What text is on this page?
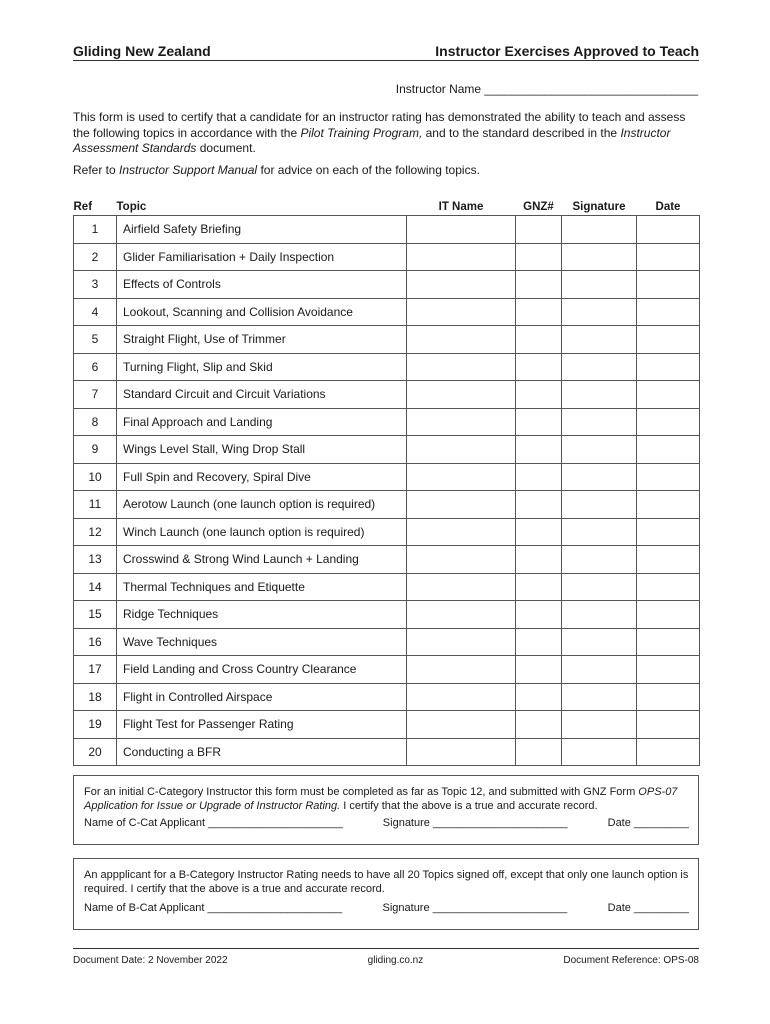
Gliding New Zealand	Instructor Exercises Approved to Teach
Instructor Name ________________________________

This form is used to certify that a candidate for an instructor rating has demonstrated the ability to teach and assess the following topics in accordance with the Pilot Training Program, and to the standard described in the Instructor Assessment Standards document.

Refer to Instructor Support Manual for advice on each of the following topics.
Ref	Topic	IT Name	GNZ#	Signature	Date
1	Airfield Safety Briefing				
2	Glider Familiarisation + Daily Inspection				
3	Effects of Controls				
4	Lookout, Scanning and Collision Avoidance				
5	Straight Flight, Use of Trimmer				
6	Turning Flight, Slip and Skid				
7	Standard Circuit and Circuit Variations				
8	Final Approach and Landing				
9	Wings Level Stall, Wing Drop Stall				
10	Full Spin and Recovery, Spiral Dive				
11	Aerotow Launch (one launch option is required)				
12	Winch Launch (one launch option is required)				
13	Crosswind & Strong Wind Launch + Landing				
14	Thermal Techniques and Etiquette				
15	Ridge Techniques				
16	Wave Techniques				
17	Field Landing and Cross Country Clearance				
18	Flight in Controlled Airspace				
19	Flight Test for Passenger Rating				
20	Conducting a BFR				
For an initial C-Category Instructor this form must be completed as far as Topic 12, and submitted with GNZ Form OPS-07 Application for Issue or Upgrade of Instructor Rating. I certify that the above is a true and accurate record.
Name of C-Cat Applicant ______________________	Signature ______________________	Date _________
An appplicant for a B-Category Instructor Rating needs to have all 20 Topics signed off, except that only one launch option is required. I certify that the above is a true and accurate record.
Name of B-Cat Applicant ______________________	Signature ______________________	Date _________
Document Date: 2 November 2022	gliding.co.nz	Document Reference: OPS-08
